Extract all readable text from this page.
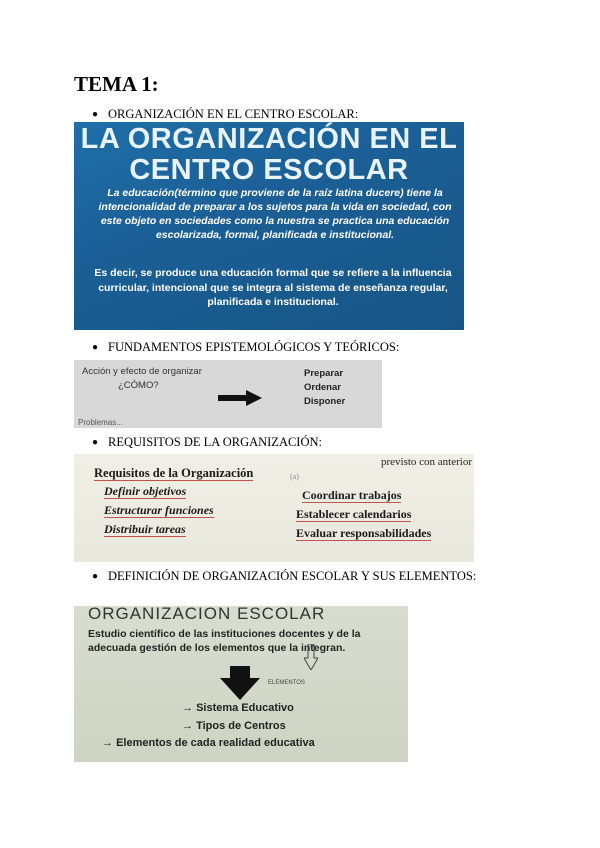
TEMA 1:
● ORGANIZACIÓN EN EL CENTRO ESCOLAR:
LA ORGANIZACIÓN EN EL
CENTRO ESCOLAR
La educación(término que proviene de la raíz latina ducere) tiene la intencionalidad de preparar a los sujetos para la vida en sociedad, con este objeto en sociedades como la nuestra se practica una educación escolarizada, formal, planificada e institucional.
Es decir, se produce una educación formal que se refiere a la influencia curricular, intencional que se integra al sistema de enseñanza regular, planificada e institucional.
● FUNDAMENTOS EPISTEMOLÓGICOS Y TEÓRICOS:
Acción y efecto de organizar
¿CÓMO?
Preparar
Ordenar
Disponer
Problemas...
● REQUISITOS DE LA ORGANIZACIÓN:
previsto con anterior
Requisitos de la Organización	(a)
Definir objetivos
Estructurar funciones
Distribuir tareas
Coordinar trabajos
Establecer calendarios
Evaluar responsabilidades
● DEFINICIÓN DE ORGANIZACIÓN ESCOLAR Y SUS ELEMENTOS:
ORGANIZACION ESCOLAR
Estudio científico de las instituciones docentes y de la adecuada gestión de los elementos que la integran.
ELEMENTOS
→ Sistema Educativo
→ Tipos de Centros
→ Elementos de cada realidad educativa
